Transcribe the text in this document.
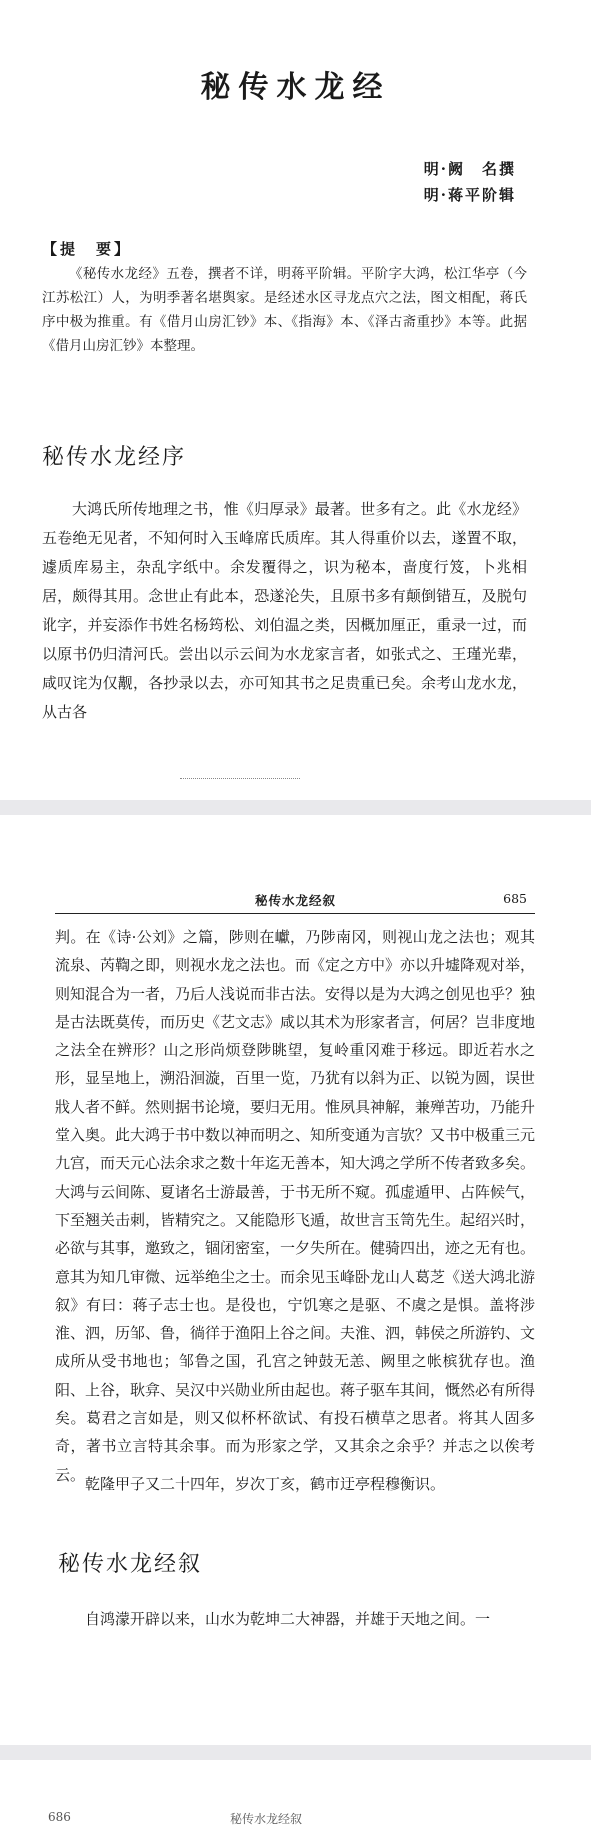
秘传水龙经
明·阙　名撰
明·蒋平阶辑
【提　要】
《秘传水龙经》五卷，撰者不详，明蒋平阶辑。平阶字大鸿，松江华亭（今江苏松江）人，为明季著名堪舆家。是经述水区寻龙点穴之法，图文相配，蒋氏序中极为推重。有《借月山房汇钞》本、《指海》本、《泽古斋重抄》本等。此据《借月山房汇钞》本整理。
秘传水龙经序
大鸿氏所传地理之书，惟《归厚录》最著。世多有之。此《水龙经》五卷绝无见者，不知何时入玉峰席氏质库。其人得重价以去，遂置不取，遽质库易主，杂乱字纸中。余发覆得之，识为秘本，啬度行笈，卜兆相居，颇得其用。念世止有此本，恐遂沦失，且原书多有颠倒错互，及脱句讹字，并妄添作书姓名杨筠松、刘伯温之类，因概加厘正，重录一过，而以原书仍归清河氏。尝出以示云间为水龙家言者，如张式之、王瑾光辈，咸叹诧为仅觏，各抄录以去，亦可知其书之足贵重已矣。余考山龙水龙，从古各
秘传水龙经叙	685
判。在《诗·公刘》之篇，陟则在巘，乃陟南冈，则视山龙之法也；观其流泉、芮鞫之即，则视水龙之法也。而《定之方中》亦以升墟降观对举，则知混合为一者，乃后人浅说而非古法。安得以是为大鸿之创见也乎？独是古法既莫传，而历史《艺文志》咸以其术为形家者言，何居？岂非度地之法全在辨形？山之形尚烦登陟眺望，复岭重冈难于移远。即近若水之形，显呈地上，溯沿洄漩，百里一览，乃犹有以斜为正、以锐为圆，误世戕人者不鲜。然则据书论境，要归无用。惟夙具神解，兼殚苦功，乃能升堂入奥。此大鸿于书中数以神而明之、知所变通为言欤？又书中极重三元九宫，而天元心法余求之数十年迄无善本，知大鸿之学所不传者致多矣。大鸿与云间陈、夏诸名士游最善，于书无所不窥。孤虚遁甲、占阵候气，下至翘关击刺，皆精究之。又能隐形飞遁，故世言玉笥先生。起绍兴时，必欲与其事，邀致之，锢闭密室，一夕失所在。健骑四出，迹之无有也。意其为知几审微、远举绝尘之士。而余见玉峰卧龙山人葛芝《送大鸿北游叙》有曰：蒋子志士也。是役也，宁饥寒之是驱、不虞之是惧。盖将涉淮、泗，历邹、鲁，徜徉于渔阳上谷之间。夫淮、泗，韩侯之所游钓、文成所从受书地也；邹鲁之国，孔宫之钟鼓无恙、阙里之帐槟犹存也。渔阳、上谷，耿弇、吴汉中兴勋业所由起也。蒋子驱车其间，慨然必有所得矣。葛君之言如是，则又似杯杯欲试、有投石横草之思者。将其人固多奇，著书立言特其余事。而为形家之学，又其余之余乎？并志之以俟考云。
乾隆甲子又二十四年，岁次丁亥，鹤市迂亭程穆衡识。
秘传水龙经叙
自鸿濛开辟以来，山水为乾坤二大神器，并雄于天地之间。一
686	秘传水龙经叙
